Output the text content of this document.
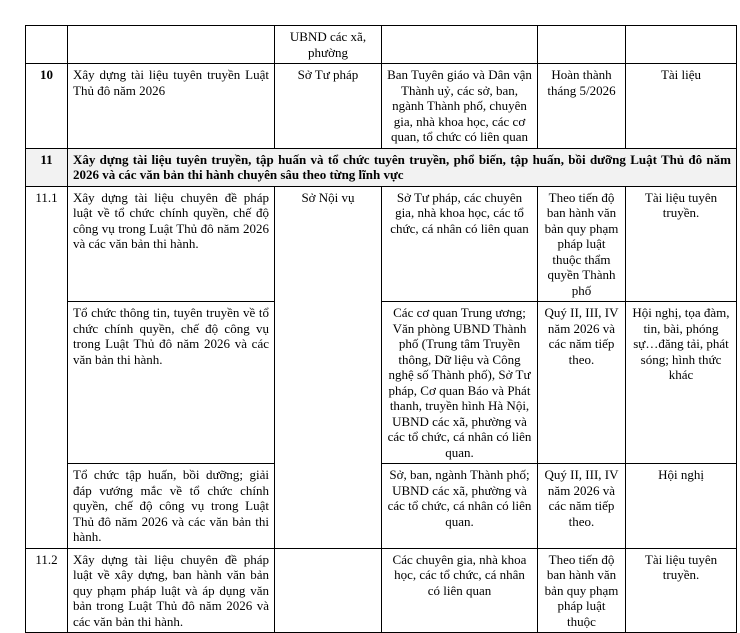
		UBND các xã, phường			
10	Xây dựng tài liệu tuyên truyền Luật Thủ đô năm 2026	Sở Tư pháp	Ban Tuyên giáo và Dân vận Thành uỷ, các sở, ban, ngành Thành phố, chuyên gia, nhà khoa học, các cơ quan, tổ chức có liên quan	Hoàn thành tháng 5/2026	Tài liệu
11	Xây dựng tài liệu tuyên truyền, tập huấn và tổ chức tuyên truyền, phổ biến, tập huấn, bồi dưỡng Luật Thủ đô năm 2026 và các văn bản thi hành chuyên sâu theo từng lĩnh vực				
11.1	Xây dựng tài liệu chuyên đề pháp luật về tổ chức chính quyền, chế độ công vụ trong Luật Thủ đô năm 2026 và các văn bản thi hành.	Sở Nội vụ	Sở Tư pháp, các chuyên gia, nhà khoa học, các tổ chức, cá nhân có liên quan	Theo tiến độ ban hành văn bản quy phạm pháp luật thuộc thẩm quyền Thành phố	Tài liệu tuyên truyền.
	Tổ chức thông tin, tuyên truyền về tổ chức chính quyền, chế độ công vụ trong Luật Thủ đô năm 2026 và các văn bản thi hành.		Các cơ quan Trung ương; Văn phòng UBND Thành phố (Trung tâm Truyền thông, Dữ liệu và Công nghệ số Thành phố), Sở Tư pháp, Cơ quan Báo và Phát thanh, truyền hình Hà Nội, UBND các xã, phường và các tổ chức, cá nhân có liên quan.	Quý II, III, IV năm 2026 và các năm tiếp theo.	Hội nghị, tọa đàm, tin, bài, phóng sự…đăng tải, phát sóng; hình thức khác
	Tổ chức tập huấn, bồi dưỡng; giải đáp vướng mắc về tổ chức chính quyền, chế độ công vụ trong Luật Thủ đô năm 2026 và các văn bản thi hành.		Sở, ban, ngành Thành phố; UBND các xã, phường và các tổ chức, cá nhân có liên quan.	Quý II, III, IV năm 2026 và các năm tiếp theo.	Hội nghị
11.2	Xây dựng tài liệu chuyên đề pháp luật về xây dựng, ban hành văn bản quy phạm pháp luật và áp dụng văn bản trong Luật Thủ đô năm 2026 và các văn bản thi hành.		Các chuyên gia, nhà khoa học, các tổ chức, cá nhân có liên quan	Theo tiến độ ban hành văn bản quy phạm pháp luật thuộc	Tài liệu tuyên truyền.
